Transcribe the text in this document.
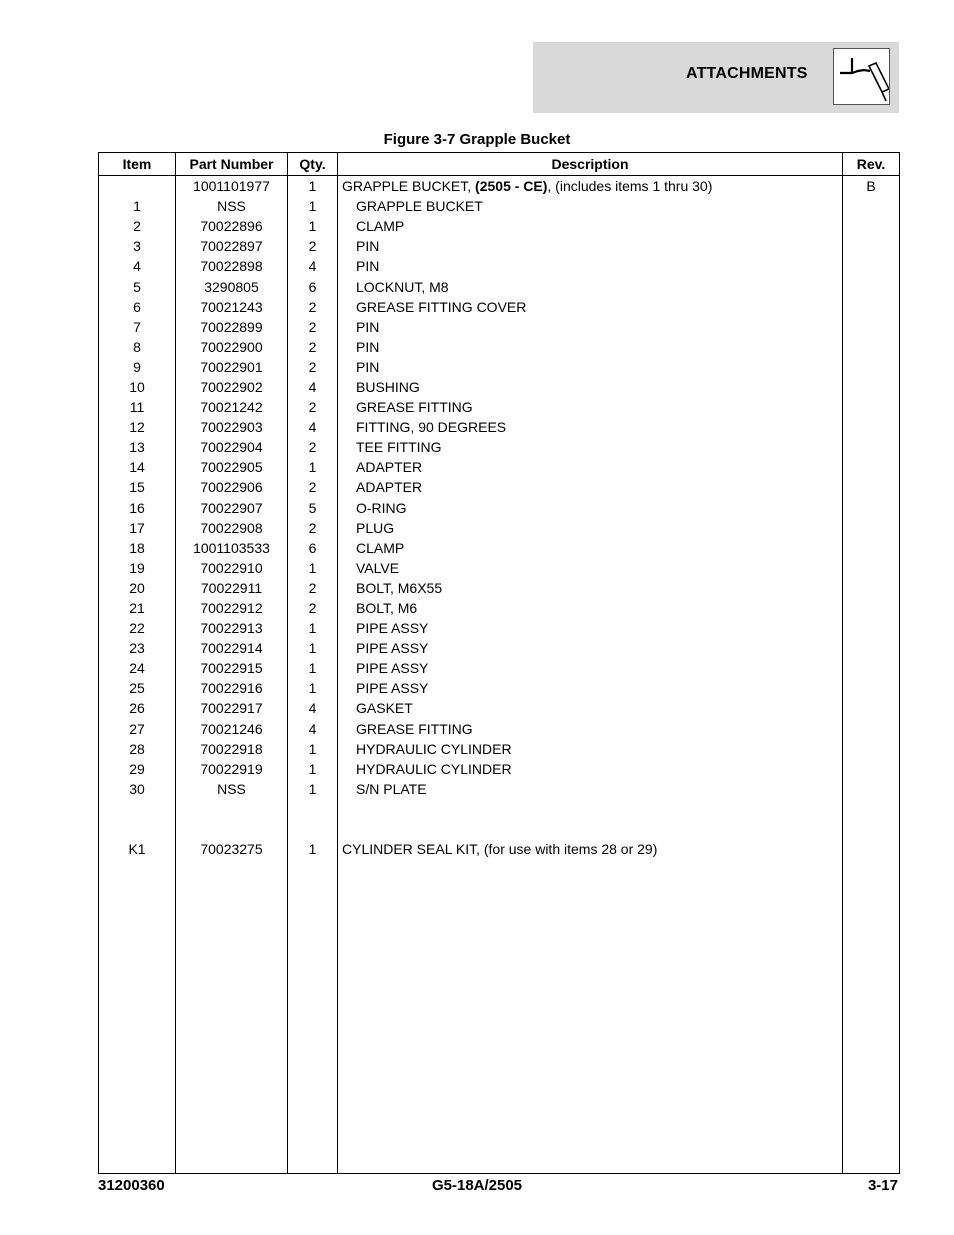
ATTACHMENTS
Figure 3-7 Grapple Bucket
Item	Part Number	Qty.	Description	Rev.
	1001101977	1	GRAPPLE BUCKET, (2505 - CE), (includes items 1 thru 30)	B
1	NSS	1	GRAPPLE BUCKET	
2	70022896	1	CLAMP	
3	70022897	2	PIN	
4	70022898	4	PIN	
5	3290805	6	LOCKNUT, M8	
6	70021243	2	GREASE FITTING COVER	
7	70022899	2	PIN	
8	70022900	2	PIN	
9	70022901	2	PIN	
10	70022902	4	BUSHING	
11	70021242	2	GREASE FITTING	
12	70022903	4	FITTING, 90 DEGREES	
13	70022904	2	TEE FITTING	
14	70022905	1	ADAPTER	
15	70022906	2	ADAPTER	
16	70022907	5	O-RING	
17	70022908	2	PLUG	
18	1001103533	6	CLAMP	
19	70022910	1	VALVE	
20	70022911	2	BOLT, M6X55	
21	70022912	2	BOLT, M6	
22	70022913	1	PIPE ASSY	
23	70022914	1	PIPE ASSY	
24	70022915	1	PIPE ASSY	
25	70022916	1	PIPE ASSY	
26	70022917	4	GASKET	
27	70021246	4	GREASE FITTING	
28	70022918	1	HYDRAULIC CYLINDER	
29	70022919	1	HYDRAULIC CYLINDER	
30	NSS	1	S/N PLATE	

K1	70023275	1	CYLINDER SEAL KIT, (for use with items 28 or 29)	

31200360	G5-18A/2505	3-17
